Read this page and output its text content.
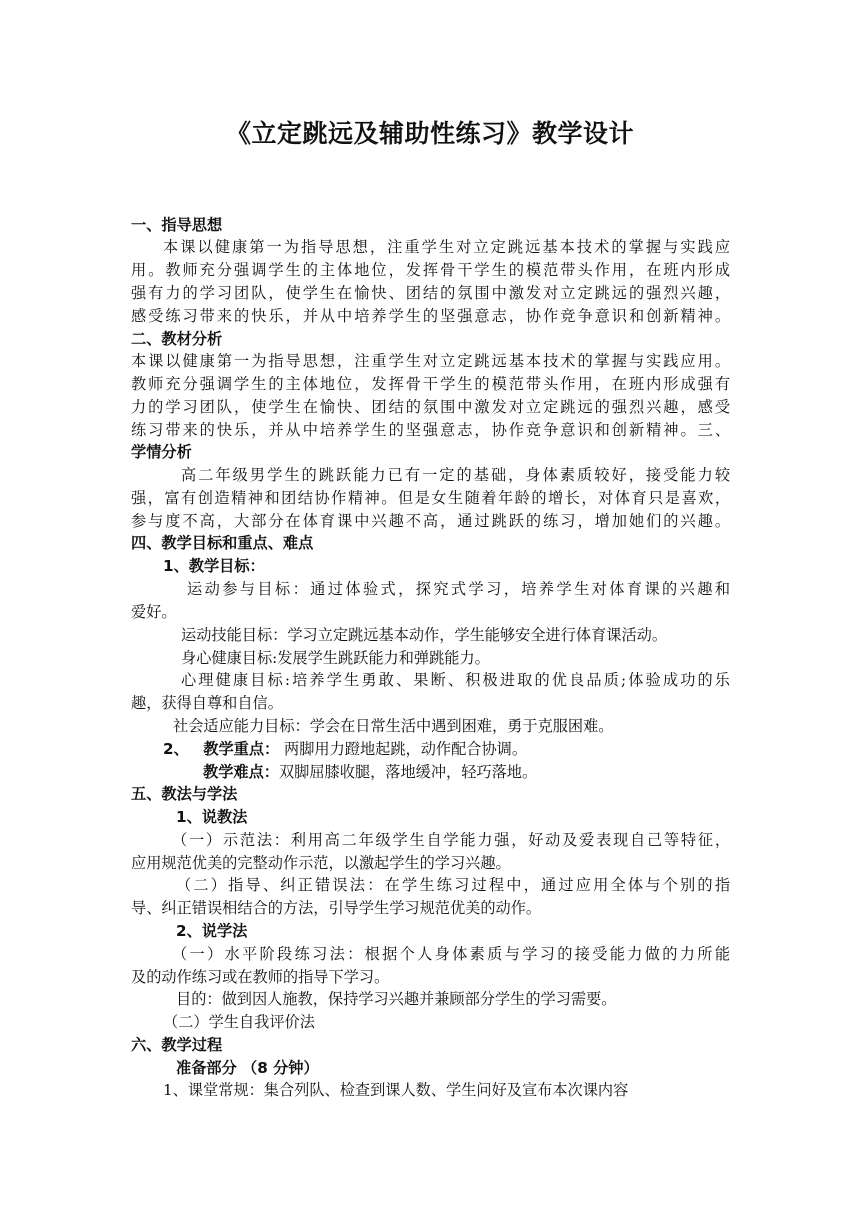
《立定跳远及辅助性练习》教学设计
一、指导思想
本课以健康第一为指导思想，注重学生对立定跳远基本技术的掌握与实践应
用。教师充分强调学生的主体地位，发挥骨干学生的模范带头作用，在班内形成
强有力的学习团队，使学生在愉快、团结的氛围中激发对立定跳远的强烈兴趣，
感受练习带来的快乐，并从中培养学生的坚强意志，协作竞争意识和创新精神。
二、教材分析
本课以健康第一为指导思想，注重学生对立定跳远基本技术的掌握与实践应用。
教师充分强调学生的主体地位，发挥骨干学生的模范带头作用，在班内形成强有
力的学习团队，使学生在愉快、团结的氛围中激发对立定跳远的强烈兴趣，感受
练习带来的快乐，并从中培养学生的坚强意志，协作竞争意识和创新精神。三、
学情分析
高二年级男学生的跳跃能力已有一定的基础，身体素质较好，接受能力较
强，富有创造精神和团结协作精神。但是女生随着年龄的增长，对体育只是喜欢，
参与度不高，大部分在体育课中兴趣不高，通过跳跃的练习，增加她们的兴趣。
四、教学目标和重点、难点
1、教学目标：
运动参与目标：通过体验式，探究式学习，培养学生对体育课的兴趣和
爱好。
运动技能目标：学习立定跳远基本动作，学生能够安全进行体育课活动。
身心健康目标:发展学生跳跃能力和弹跳能力。
心理健康目标:培养学生勇敢、果断、积极进取的优良品质;体验成功的乐
趣，获得自尊和自信。
社会适应能力目标：学会在日常生活中遇到困难，勇于克服困难。
2、 教学重点： 两脚用力蹬地起跳，动作配合协调。
教学难点：双脚屈膝收腿，落地缓冲，轻巧落地。
五、教法与学法
1、说教法
（一）示范法：利用高二年级学生自学能力强，好动及爱表现自己等特征，
应用规范优美的完整动作示范，以激起学生的学习兴趣。
（二）指导、纠正错误法：在学生练习过程中，通过应用全体与个别的指
导、纠正错误相结合的方法，引导学生学习规范优美的动作。
2、说学法
（一）水平阶段练习法：根据个人身体素质与学习的接受能力做的力所能
及的动作练习或在教师的指导下学习。
目的：做到因人施教，保持学习兴趣并兼顾部分学生的学习需要。
（二）学生自我评价法
六、教学过程
准备部分 （8 分钟）
1、课堂常规：集合列队、检查到课人数、学生问好及宣布本次课内容
